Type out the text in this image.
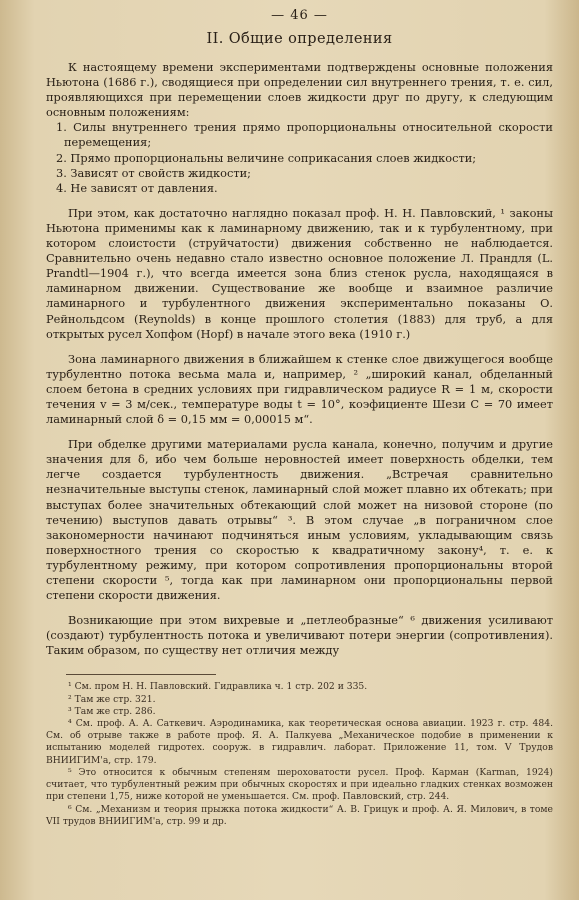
— 46 —
II. Общие определения

К настоящему времени экспериментами подтверждены основные положения Ньютона (1686 г.), сводящиеся при определении сил внутреннего трения, т. е. сил, проявляющихся при перемещении слоев жидкости друг по другу, к следующим основным положениям:

1. Силы внутреннего трения прямо пропорциональны относительной скорости перемещения;
2. Прямо пропорциональны величине соприкасания слоев жидкости;
3. Зависят от свойств жидкости;
4. Не зависят от давления.

При этом, как достаточно наглядно показал проф. Н. Н. Павловский, ¹ законы Ньютона применимы как к ламинарному движению, так и к турбулентному, при котором слоистости (струйчатости) движения собственно не наблюдается. Сравнительно очень недавно стало известно основное положение Л. Прандля (L. Prandtl—1904 г.), что всегда имеется зона близ стенок русла, находящаяся в ламинарном движении. Существование же вообще и взаимное различие ламинарного и турбулентного движения экспериментально показаны О. Рейнольдсом (Reynolds) в конце прошлого столетия (1883) для труб, а для открытых русел Хопфом (Hopf) в начале этого века (1910 г.)

Зона ламинарного движения в ближайшем к стенке слое движущегося вообще турбулентно потока весьма мала и, например, ² „широкий канал, обделанный слоем бетона в средних условиях при гидравлическом радиусе R = 1 м, скорости течения v = 3 м/сек., температуре воды t = 10°, коэфициенте Шези C = 70 имеет ламинарный слой δ = 0,15 мм = 0,00015 м“.

При обделке другими материалами русла канала, конечно, получим и другие значения для δ, ибо чем больше неровностей имеет поверхность обделки, тем легче создается турбулентность движения. „Встречая сравнительно незначительные выступы стенок, ламинарный слой может плавно их обтекать; при выступах более значительных обтекающий слой может на низовой стороне (по течению) выступов давать отрывы“ ³. В этом случае „в пограничном слое закономерности начинают подчиняться иным условиям, укладывающим связь поверхностного трения со скоростью к квадратичному закону⁴, т. е. к турбулентному режиму, при котором сопротивления пропорциональны второй степени скорости ⁵, тогда как при ламинарном они пропорциональны первой степени скорости движения.

Возникающие при этом вихревые и „петлеобразные“ ⁶ движения усиливают (создают) турбулентность потока и увеличивают потери энергии (сопротивления). Таким образом, по существу нет отличия между

¹ См. пром Н. Н. Павловский. Гидравлика ч. 1 стр. 202 и 335.

² Там же стр. 321.

³ Там же стр. 286.

⁴ См. проф. А. А. Саткевич. Аэродинамика, как теоретическая основа авиации. 1923 г. стр. 484. См. об отрыве также в работе проф. Я. А. Палкуева „Механическое подобие в применении к испытанию моделей гидротех. сооруж. в гидравлич. лаборат. Приложение 11, том. V Трудов ВНИИГИМ'а, стр. 179.

⁵ Это относится к обычным степеням шероховатости русел. Проф. Карман (Karman, 1924) считает, что турбулентный режим при обычных скоростях и при идеально гладких стенках возможен при степени 1,75, ниже которой не уменьшается. См. проф. Павловский, стр. 244.

⁶ См. „Механизм и теория прыжка потока жидкости“ А. В. Грицук и проф. А. Я. Милович, в томе VII трудов ВНИИГИМ'а, стр. 99 и др.
